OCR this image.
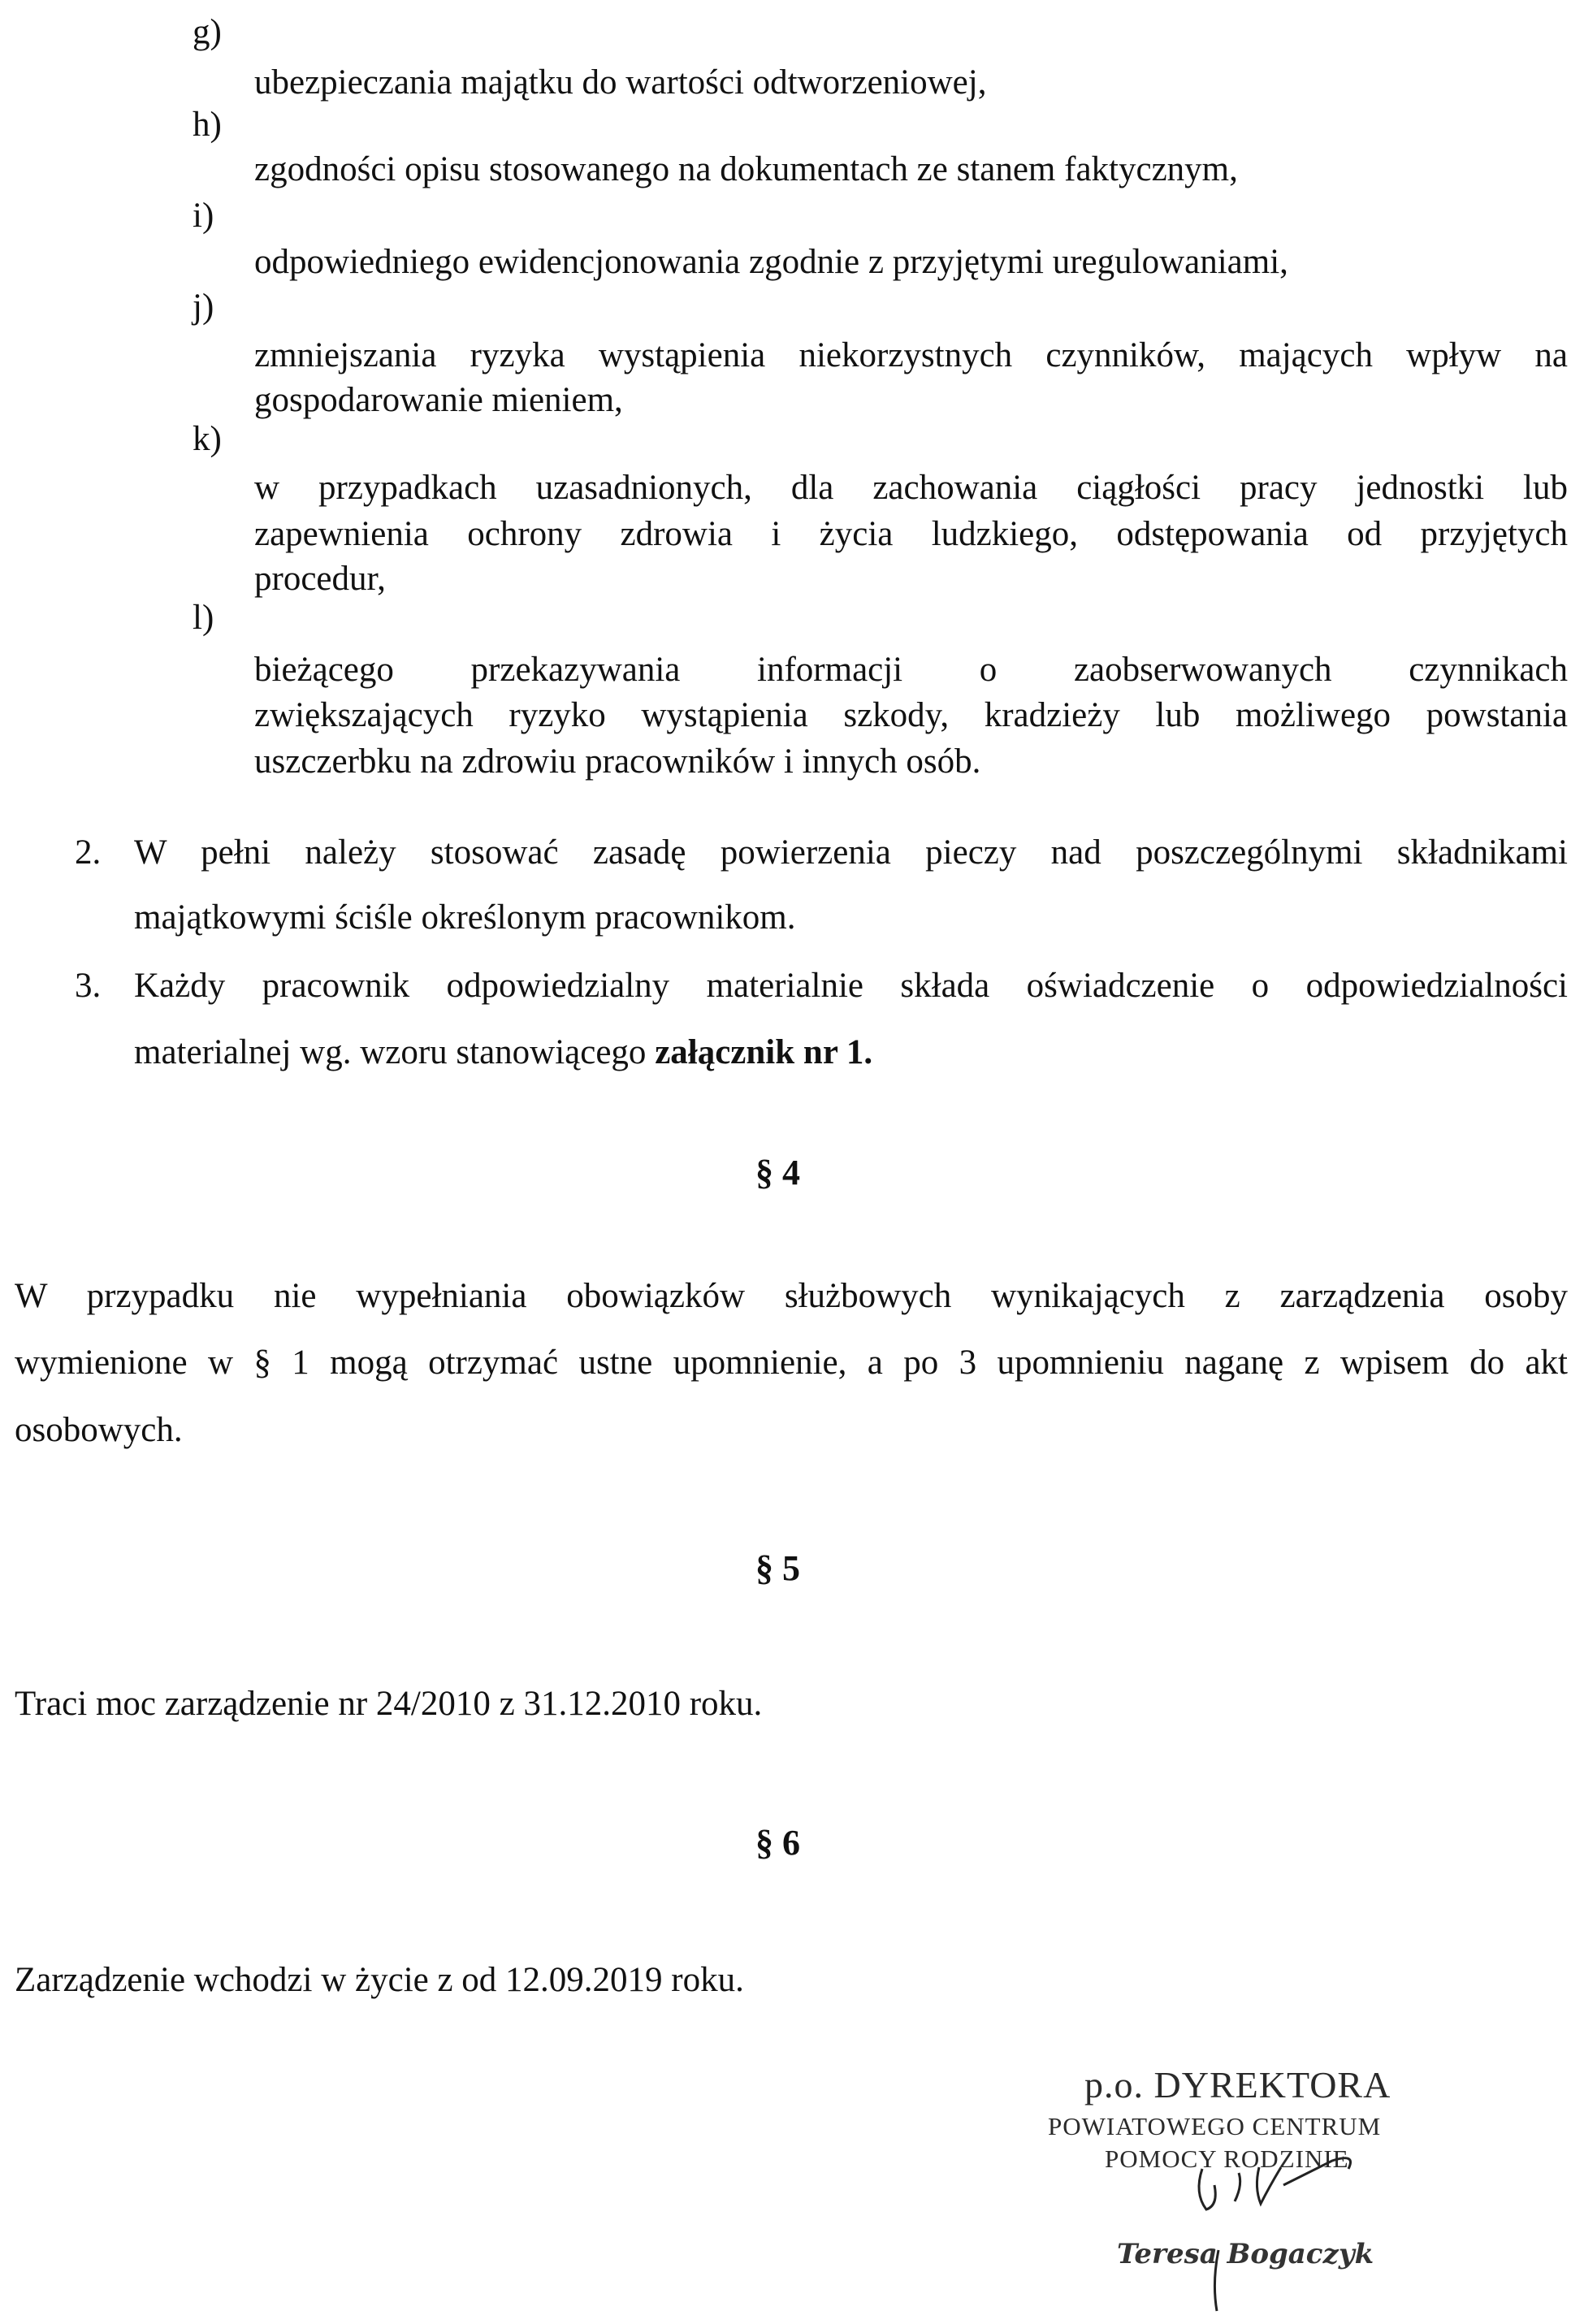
g)
ubezpieczania majątku do wartości odtworzeniowej,
h)
zgodności opisu stosowanego na dokumentach ze stanem faktycznym,
i)
odpowiedniego ewidencjonowania zgodnie z przyjętymi uregulowaniami,
j)
zmniejszania ryzyka wystąpienia niekorzystnych czynników, mających wpływ na
gospodarowanie mieniem,
k)
w przypadkach uzasadnionych, dla zachowania ciągłości pracy jednostki lub
zapewnienia ochrony zdrowia i życia ludzkiego, odstępowania od przyjętych
procedur,
l)
bieżącego przekazywania informacji o zaobserwowanych czynnikach
zwiększających ryzyko wystąpienia szkody, kradzieży lub możliwego powstania
uszczerbku na zdrowiu pracowników i innych osób.
2. W pełni należy stosować zasadę powierzenia pieczy nad poszczególnymi składnikami
majątkowymi ściśle określonym pracownikom.
3. Każdy pracownik odpowiedzialny materialnie składa oświadczenie o odpowiedzialności
materialnej wg. wzoru stanowiącego załącznik nr 1.
§ 4
W przypadku nie wypełniania obowiązków służbowych wynikających z zarządzenia osoby
wymienione w § 1 mogą otrzymać ustne upomnienie, a po 3 upomnieniu naganę z wpisem do akt
osobowych.
§ 5
Traci moc zarządzenie nr 24/2010 z 31.12.2010 roku.
§ 6
Zarządzenie wchodzi w życie z od 12.09.2019 roku.
p.o. DYREKTORA
POWIATOWEGO CENTRUM
POMOCY RODZINIE
Teresa Bogaczyk
